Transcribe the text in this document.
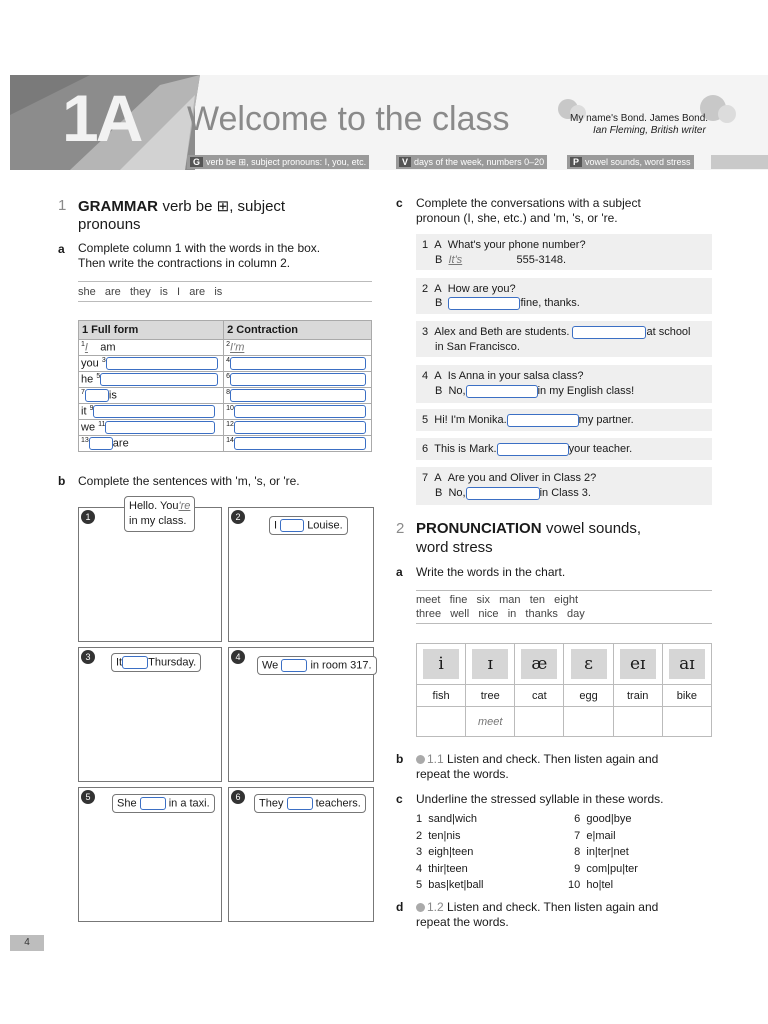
1A Welcome to the class	My name's Bond. James Bond.
Ian Fleming, British writer
G verb be ⊞, subject pronouns: I, you, etc.	V days of the week, numbers 0–20	P vowel sounds, word stress
1 GRAMMAR verb be ⊞, subject
pronouns
a Complete column 1 with the words in the box.
Then write the contractions in column 2.
she   are   they   is   I   are   is
1 Full form	2 Contraction
$^1$I am	$^2$I'm
you $^3$	$^4$
he $^5$	$^6$
$^7$ is	$^8$
it $^9$	$^{10}$
we $^{11}$	$^{12}$
$^{13}$ are	$^{14}$
b Complete the sentences with 'm, 's, or 're.
1
Hello. You're
in my class.	2
I	Louise.
3	It Thursday.	4
We	in room 317.
5
She	in a taxi.
6
They	teachers.
c Complete the conversations with a subject
pronoun (I, she, etc.) and 'm, 's, or 're.
1 A What's your phone number?
B It's	555-3148.
2 A How are you?
B	fine, thanks.
3 Alex and Beth are students.	at school
in San Francisco.
4 A Is Anna in your salsa class?
B No,	in my English class!
5 Hi! I'm Monika.	my partner.
6 This is Mark.	your teacher.
7 A Are you and Oliver in Class 2?
B No,	in Class 3.
2 PRONUNCIATION vowel sounds,
word stress
a Write the words in the chart.
meet   fine   six   man   ten   eight
three   well   nice   in   thanks   day
i	ɪ	æ	ɛ	eɪ	aɪ
fish	tree	cat	egg	train	bike
	meet				
b	1.1 Listen and check. Then listen again and
repeat the words.
c Underline the stressed syllable in these words.
1 sand|wich
2 ten|nis
3 eigh|teen
4 thir|teen
5 bas|ket|ball
6 good|bye
7 e|mail
8 in|ter|net
9 com|pu|ter
10 ho|tel
d	1.2 Listen and check. Then listen again and
repeat the words.
4
